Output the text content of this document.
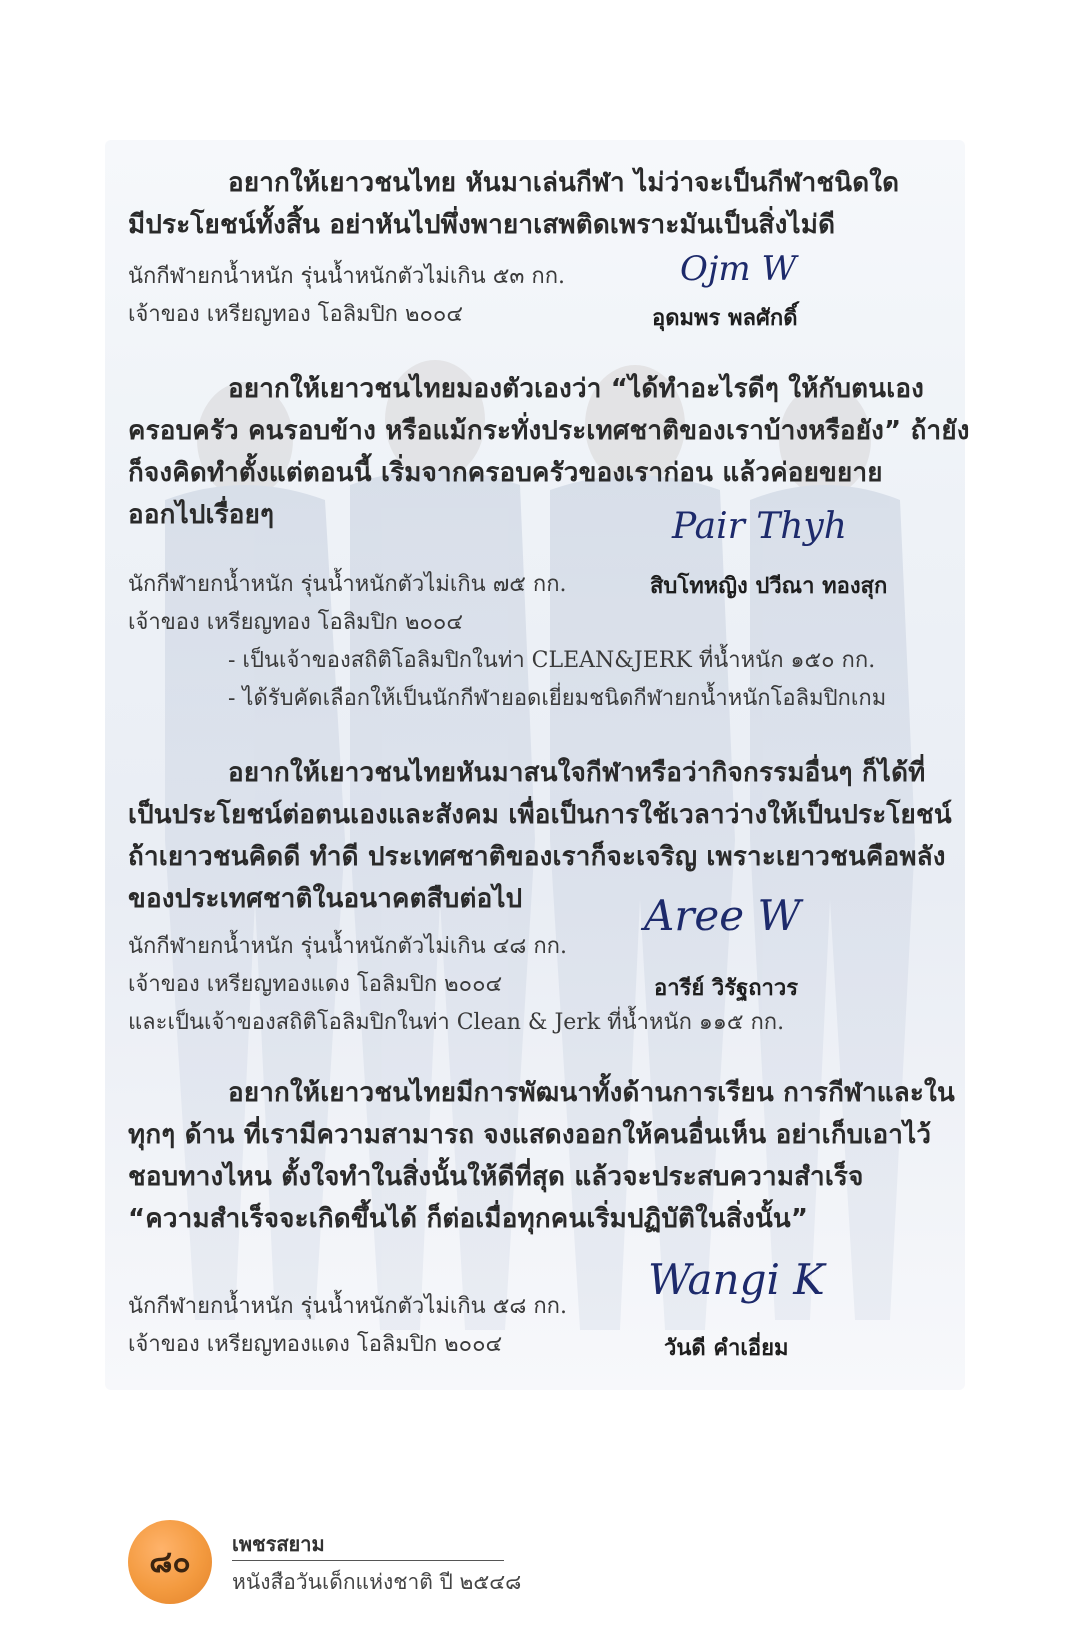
อยากให้เยาวชนไทย หันมาเล่นกีฬา ไม่ว่าจะเป็นกีฬาชนิดใด
มีประโยชน์ทั้งสิ้น อย่าหันไปพึ่งพายาเสพติดเพราะมันเป็นสิ่งไม่ดี
นักกีฬายกน้ำหนัก รุ่นน้ำหนักตัวไม่เกิน ๕๓ กก.
เจ้าของ เหรียญทอง โอลิมปิก ๒๐๐๔
Ojm W
อุดมพร พลศักดิ์
อยากให้เยาวชนไทยมองตัวเองว่า “ได้ทำอะไรดีๆ ให้กับตนเอง
ครอบครัว คนรอบข้าง หรือแม้กระทั่งประเทศชาติของเราบ้างหรือยัง” ถ้ายัง
ก็จงคิดทำตั้งแต่ตอนนี้ เริ่มจากครอบครัวของเราก่อน แล้วค่อยขยาย
ออกไปเรื่อยๆ	Pair Thyh
นักกีฬายกน้ำหนัก รุ่นน้ำหนักตัวไม่เกิน ๗๕ กก.
เจ้าของ เหรียญทอง โอลิมปิก ๒๐๐๔
- เป็นเจ้าของสถิติโอลิมปิกในท่า CLEAN&JERK ที่น้ำหนัก ๑๕๐ กก.
- ได้รับคัดเลือกให้เป็นนักกีฬายอดเยี่ยมชนิดกีฬายกน้ำหนักโอลิมปิกเกม
สิบโทหญิง ปวีณา ทองสุก
อยากให้เยาวชนไทยหันมาสนใจกีฬาหรือว่ากิจกรรมอื่นๆ ก็ได้ที่
เป็นประโยชน์ต่อตนเองและสังคม เพื่อเป็นการใช้เวลาว่างให้เป็นประโยชน์
ถ้าเยาวชนคิดดี ทำดี ประเทศชาติของเราก็จะเจริญ เพราะเยาวชนคือพลัง
ของประเทศชาติในอนาคตสืบต่อไป	Aree W
นักกีฬายกน้ำหนัก รุ่นน้ำหนักตัวไม่เกิน ๔๘ กก.
เจ้าของ เหรียญทองแดง โอลิมปิก ๒๐๐๔
และเป็นเจ้าของสถิติโอลิมปิกในท่า Clean & Jerk ที่น้ำหนัก ๑๑๕ กก.
อารีย์ วิรัฐถาวร
อยากให้เยาวชนไทยมีการพัฒนาทั้งด้านการเรียน การกีฬาและใน
ทุกๆ ด้าน ที่เรามีความสามารถ จงแสดงออกให้คนอื่นเห็น อย่าเก็บเอาไว้
ชอบทางไหน ตั้งใจทำในสิ่งนั้นให้ดีที่สุด แล้วจะประสบความสำเร็จ
“ความสำเร็จจะเกิดขึ้นได้ ก็ต่อเมื่อทุกคนเริ่มปฏิบัติในสิ่งนั้น”
Wangi K
นักกีฬายกน้ำหนัก รุ่นน้ำหนักตัวไม่เกิน ๕๘ กก.
เจ้าของ เหรียญทองแดง โอลิมปิก ๒๐๐๔	วันดี คำเอี่ยม
๘๐
เพชรสยาม
หนังสือวันเด็กแห่งชาติ ปี ๒๕๔๘
